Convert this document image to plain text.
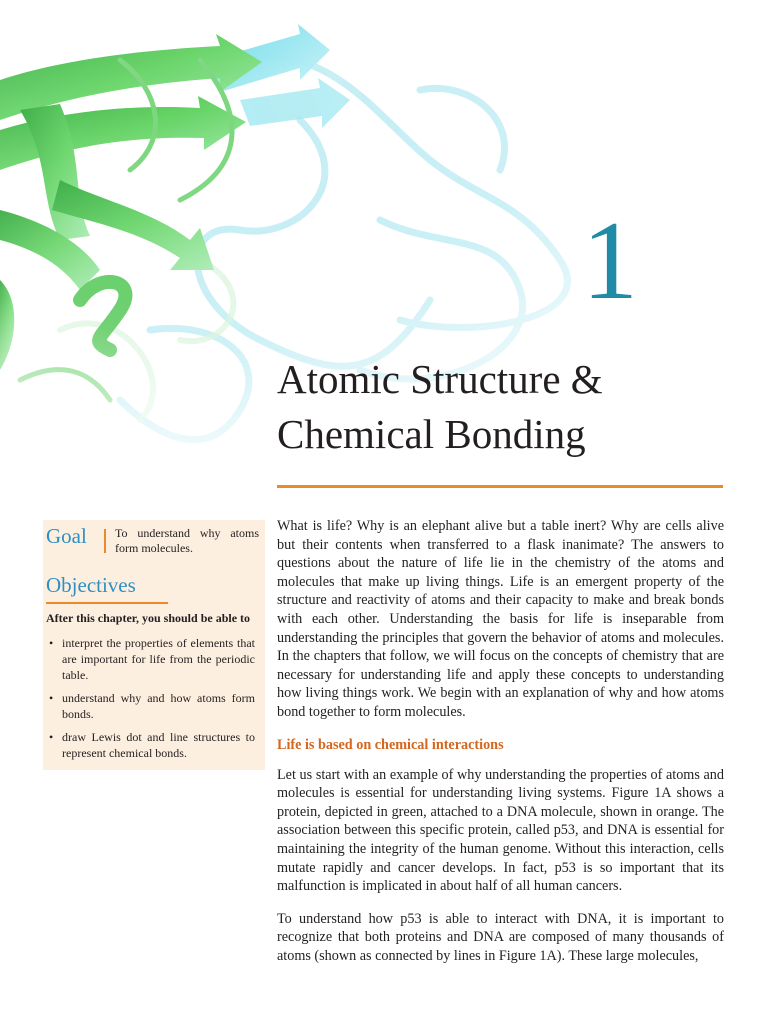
1
Atomic Structure &
Chemical Bonding
Goal To understand why atoms form molecules.
Objectives
After this chapter, you should be able to
• interpret the properties of elements that are important for life from the periodic table.
• understand why and how atoms form bonds.
• draw Lewis dot and line structures to represent chemical bonds.

What is life? Why is an elephant alive but a table inert? Why are cells alive but their contents when transferred to a flask inanimate? The answers to questions about the nature of life lie in the chemistry of the atoms and molecules that make up living things. Life is an emergent property of the structure and reactivity of atoms and their capacity to make and break bonds with each other. Understanding the basis for life is inseparable from understanding the principles that govern the behavior of atoms and molecules. In the chapters that follow, we will focus on the concepts of chemistry that are necessary for understanding life and apply these concepts to understanding how living things work. We begin with an explanation of why and how atoms bond together to form molecules.

Life is based on chemical interactions

Let us start with an example of why understanding the properties of atoms and molecules is essential for understanding living systems. Figure 1A shows a protein, depicted in green, attached to a DNA molecule, shown in orange. The association between this specific protein, called p53, and DNA is essential for maintaining the integrity of the human genome. Without this interaction, cells mutate rapidly and cancer develops. In fact, p53 is so important that its malfunction is implicated in about half of all human cancers.

To understand how p53 is able to interact with DNA, it is important to recognize that both proteins and DNA are composed of many thousands of atoms (shown as connected by lines in Figure 1A). These large molecules,
